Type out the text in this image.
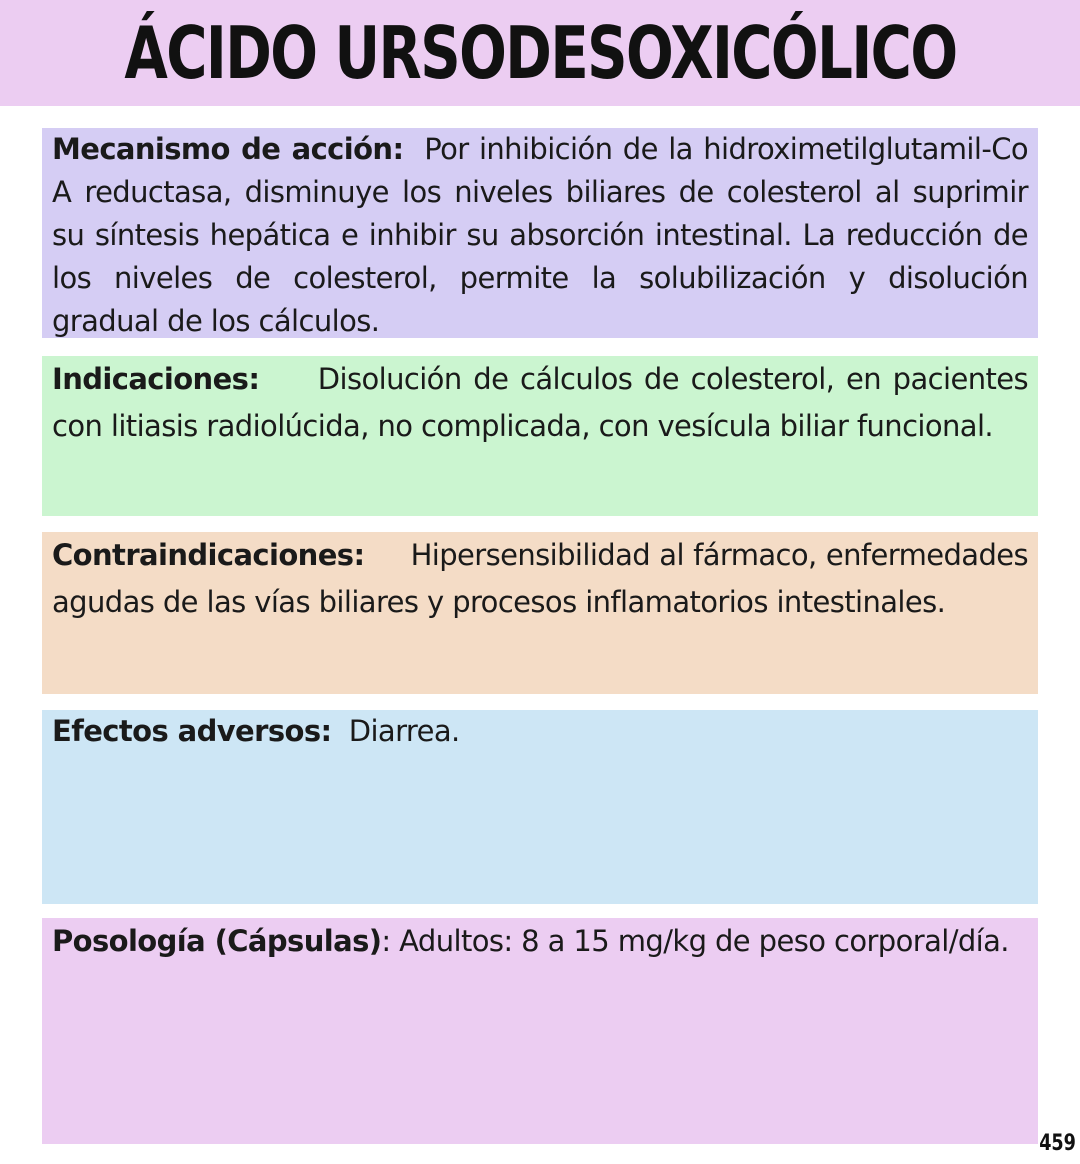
ÁCIDO URSODESOXICÓLICO

Mecanismo de acción: Por inhibición de la hidroximetilglutamil-Co A reductasa, disminuye los niveles biliares de colesterol al suprimir su síntesis hepática e inhibir su absorción intestinal. La reducción de los niveles de colesterol, permite la solubilización y disolución gradual de los cálculos.

Indicaciones: Disolución de cálculos de colesterol, en pacientes con litiasis radiolúcida, no complicada, con vesícula biliar funcional.

Contraindicaciones: Hipersensibilidad al fármaco, enfermedades agudas de las vías biliares y procesos inflamatorios intestinales.

Efectos adversos: Diarrea.

Posología (Cápsulas): Adultos: 8 a 15 mg/kg de peso corporal/día.

459
